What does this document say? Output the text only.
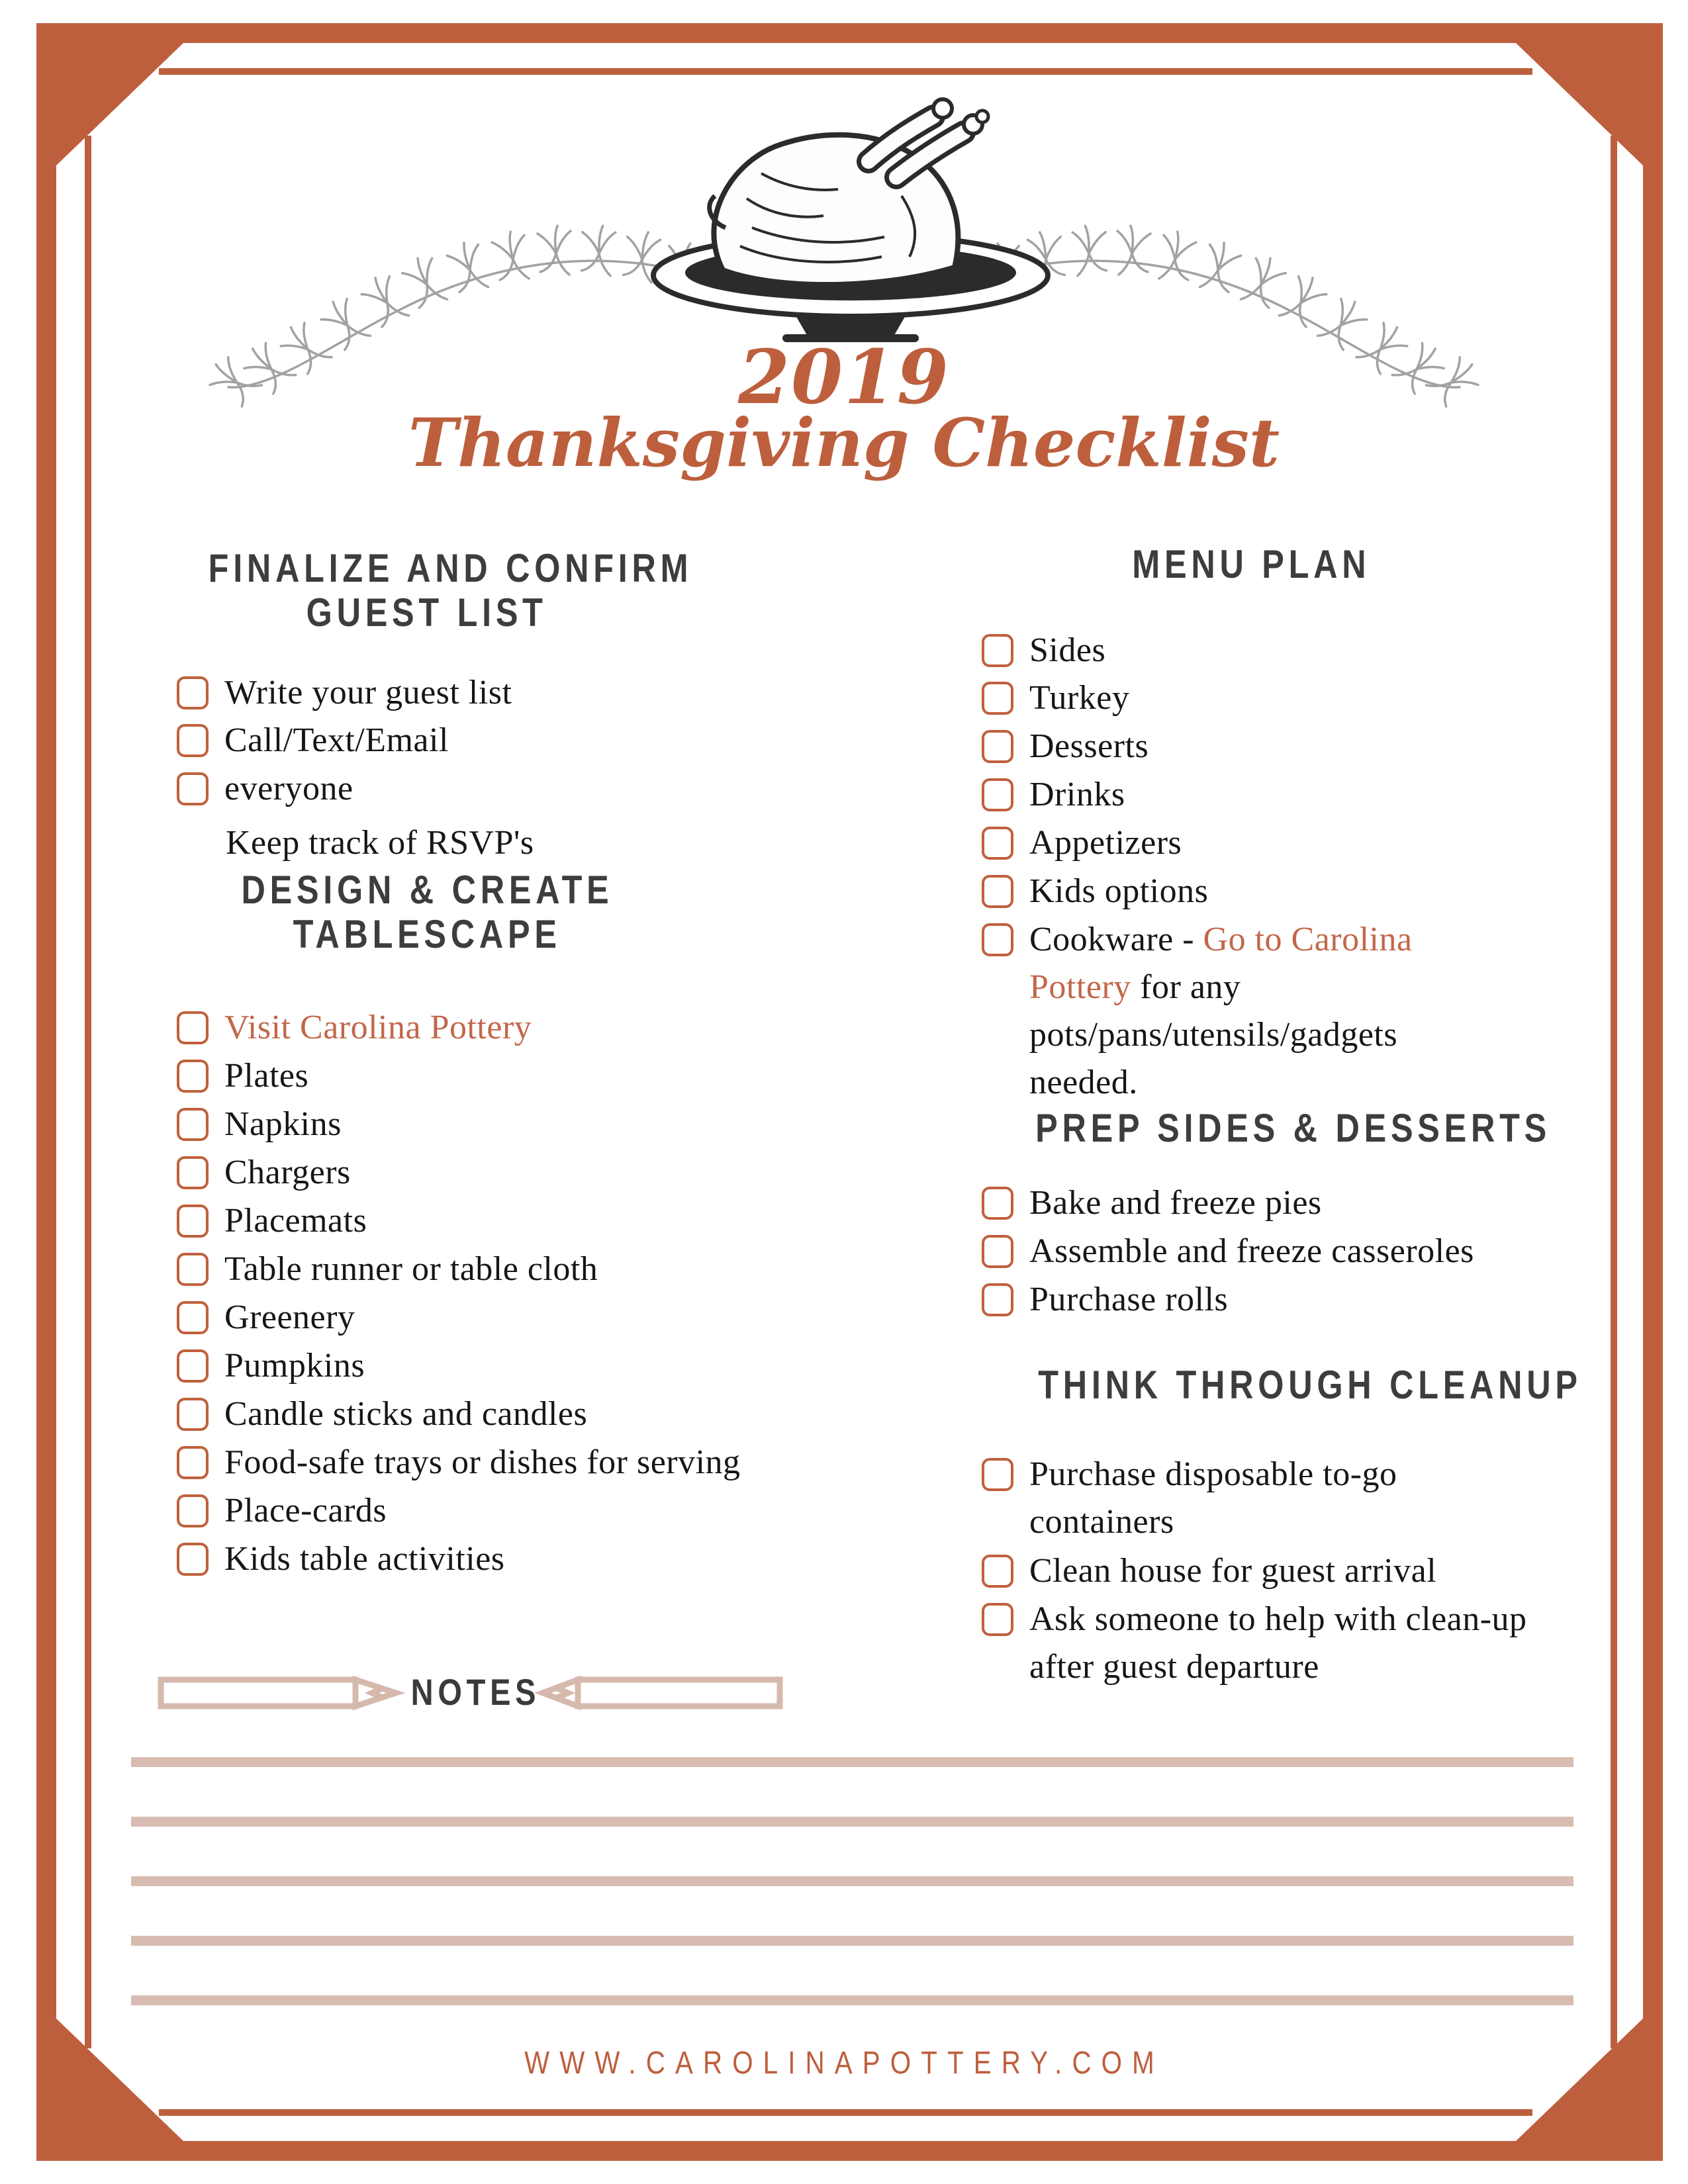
2019
Thanksgiving Checklist
FINALIZE AND CONFIRM
GUEST LIST
DESIGN & CREATE
TABLESCAPE
MENU PLAN
PREP SIDES & DESSERTS
THINK THROUGH CLEANUP
Write your guest list
Call/Text/Email
everyone
Keep track of RSVP's
Visit Carolina Pottery
Plates
Napkins
Chargers
Placemats
Table runner or table cloth
Greenery
Pumpkins
Candle sticks and candles
Food-safe trays or dishes for serving
Place-cards
Kids table activities
Sides
Turkey
Desserts
Drinks
Appetizers
Kids options
Cookware - Go to Carolina Pottery for any pots/pans/utensils/gadgets needed.
Bake and freeze pies
Assemble and freeze casseroles
Purchase rolls
Purchase disposable to-go containers
Clean house for guest arrival
Ask someone to help with clean-up after guest departure
NOTES
WWW.CAROLINAPOTTERY.COM
